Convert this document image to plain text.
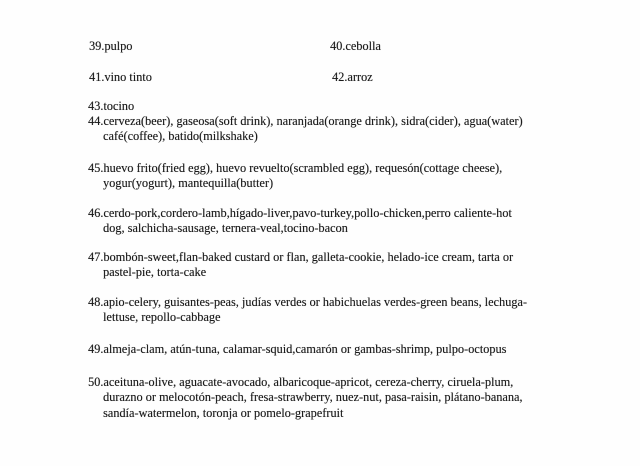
39.pulpo	40.cebolla
41.vino tinto	42.arroz
43.tocino
44.cerveza(beer), gaseosa(soft drink), naranjada(orange drink), sidra(cider), agua(water)
café(coffee), batido(milkshake)
45.huevo frito(fried egg), huevo revuelto(scrambled egg), requesón(cottage cheese),
yogur(yogurt), mantequilla(butter)
46.cerdo-pork,cordero-lamb,hígado-liver,pavo-turkey,pollo-chicken,perro caliente-hot
dog, salchicha-sausage, ternera-veal,tocino-bacon
47.bombón-sweet,flan-baked custard or flan, galleta-cookie, helado-ice cream, tarta or
pastel-pie, torta-cake
48.apio-celery, guisantes-peas, judías verdes or habichuelas verdes-green beans, lechuga-
lettuse, repollo-cabbage
49.almeja-clam, atún-tuna, calamar-squid,camarón or gambas-shrimp, pulpo-octopus
50.aceituna-olive, aguacate-avocado, albaricoque-apricot, cereza-cherry, ciruela-plum,
durazno or melocotón-peach, fresa-strawberry, nuez-nut, pasa-raisin, plátano-banana,
sandía-watermelon, toronja or pomelo-grapefruit
